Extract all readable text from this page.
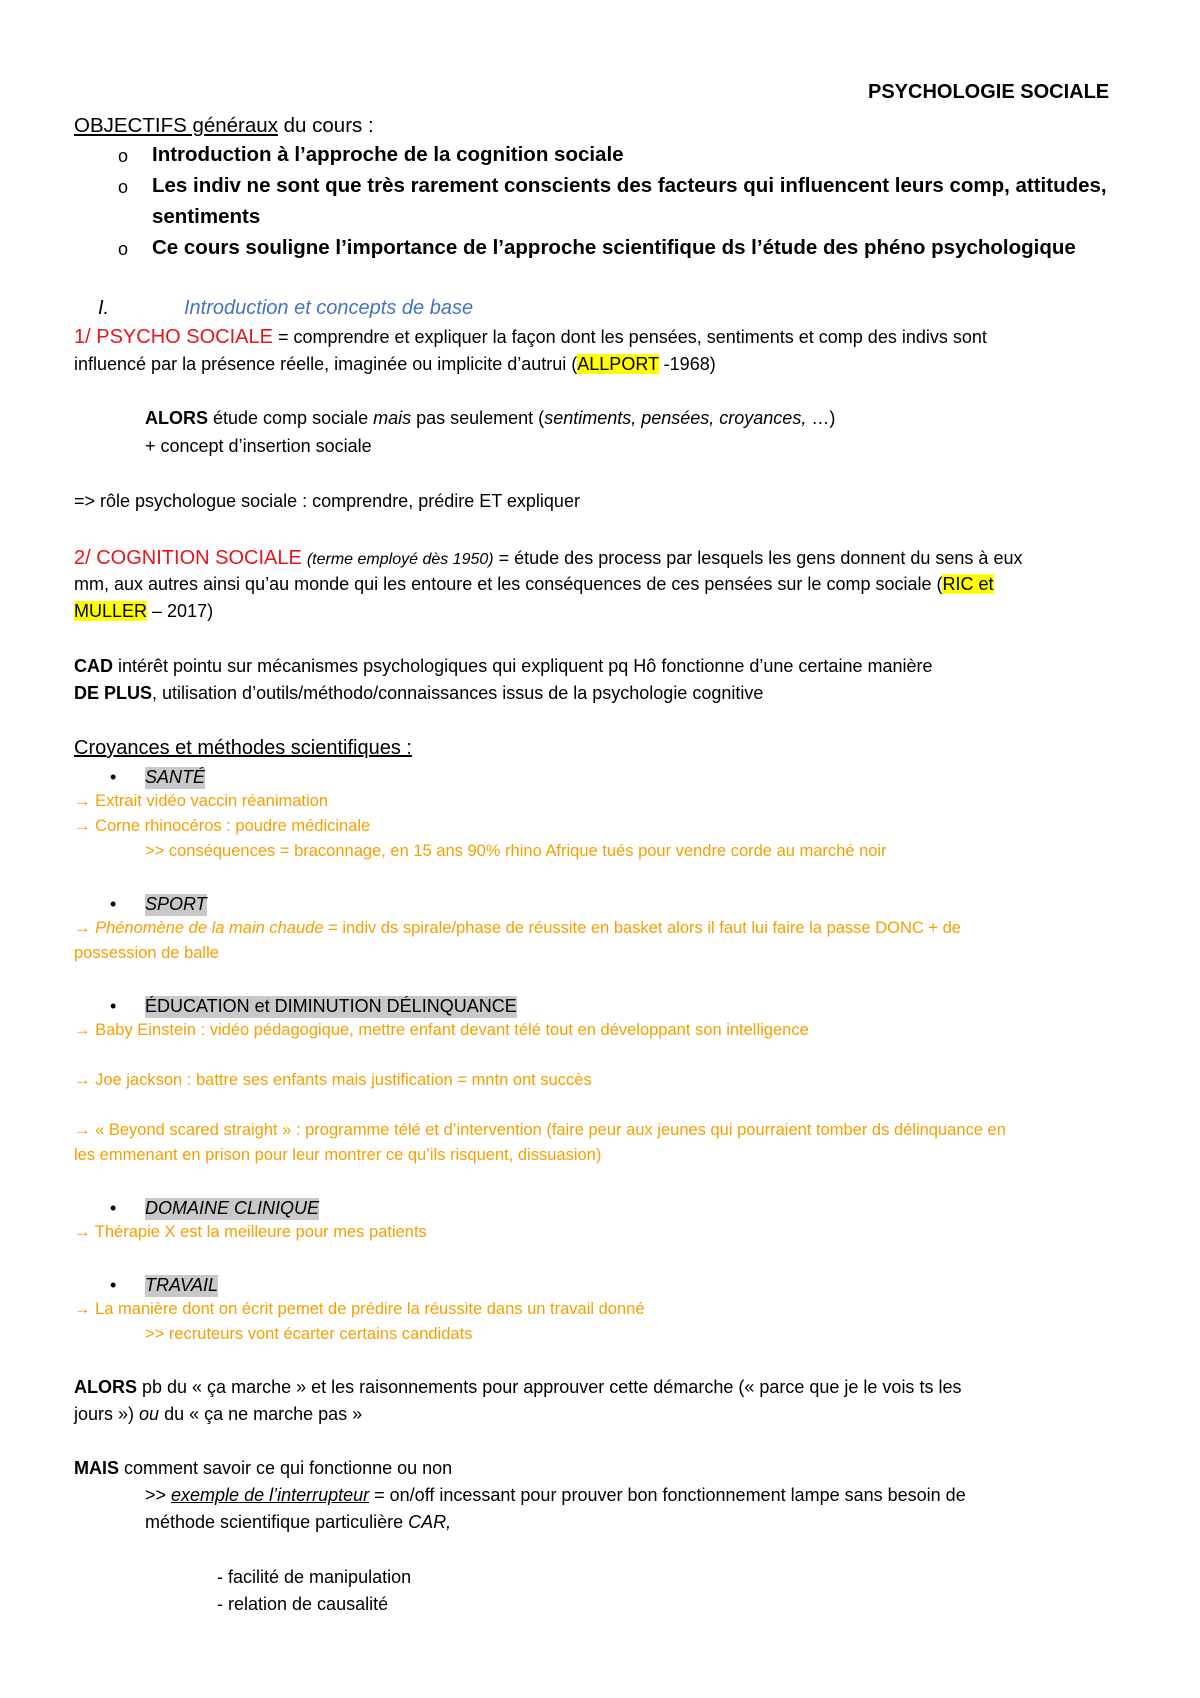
PSYCHOLOGIE SOCIALE
OBJECTIFS généraux du cours :
o Introduction à l’approche de la cognition sociale
o Les indiv ne sont que très rarement conscients des facteurs qui influencent leurs comp, attitudes,
sentiments
o Ce cours souligne l’importance de l’approche scientifique ds l’étude des phéno psychologique
I.	Introduction et concepts de base
1/ PSYCHO SOCIALE = comprendre et expliquer la façon dont les pensées, sentiments et comp des indivs sont
influencé par la présence réelle, imaginée ou implicite d’autrui (ALLPORT -1968)
ALORS étude comp sociale mais pas seulement (sentiments, pensées, croyances, …)
+ concept d’insertion sociale
=> rôle psychologue sociale : comprendre, prédire ET expliquer
2/ COGNITION SOCIALE (terme employé dès 1950) = étude des process par lesquels les gens donnent du sens à eux
mm, aux autres ainsi qu’au monde qui les entoure et les conséquences de ces pensées sur le comp sociale (RIC et
MULLER – 2017)
CAD intérêt pointu sur mécanismes psychologiques qui expliquent pq Hô fonctionne d’une certaine manière
DE PLUS, utilisation d’outils/méthodo/connaissances issus de la psychologie cognitive
Croyances et méthodes scientifiques :
• SANTÉ
→ Extrait vidéo vaccin réanimation
→ Corne rhinocéros : poudre médicinale
>> conséquences = braconnage, en 15 ans 90% rhino Afrique tués pour vendre corde au marché noir
• SPORT
→ Phénomène de la main chaude = indiv ds spirale/phase de réussite en basket alors il faut lui faire la passe DONC + de
possession de balle
• ÉDUCATION et DIMINUTION DÉLINQUANCE
→ Baby Einstein : vidéo pédagogique, mettre enfant devant télé tout en développant son intelligence
→ Joe jackson : battre ses enfants mais justification = mntn ont succès
→ « Beyond scared straight » : programme télé et d’intervention (faire peur aux jeunes qui pourraient tomber ds délinquance en
les emmenant en prison pour leur montrer ce qu’ils risquent, dissuasion)
• DOMAINE CLINIQUE
→ Thérapie X est la meilleure pour mes patients
• TRAVAIL
→ La manière dont on écrit pemet de prédire la réussite dans un travail donné
>> recruteurs vont écarter certains candidats
ALORS pb du « ça marche » et les raisonnements pour approuver cette démarche (« parce que je le vois ts les
jours ») ou du « ça ne marche pas »
MAIS comment savoir ce qui fonctionne ou non
>> exemple de l’interrupteur = on/off incessant pour prouver bon fonctionnement lampe sans besoin de
méthode scientifique particulière CAR,
- facilité de manipulation
- relation de causalité
